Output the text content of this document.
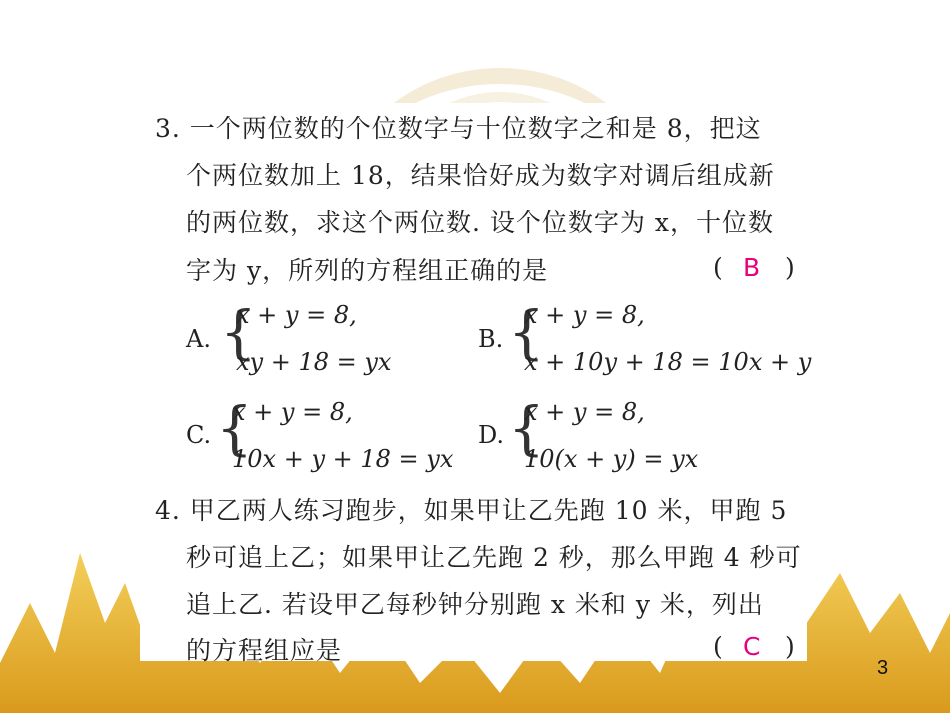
3. 一个两位数的个位数字与十位数字之和是 8，把这
个两位数加上 18，结果恰好成为数字对调后组成新
的两位数，求这个两位数. 设个位数字为 x，十位数
字为 y，所列的方程组正确的是	( B )
A. {
x + y = 8,
xy + 18 = yx
B. {
x + y = 8,
x + 10y + 18 = 10x + y
C. {
x + y = 8,
10x + y + 18 = yx
D. {
x + y = 8,
10(x + y) = yx
4. 甲乙两人练习跑步，如果甲让乙先跑 10 米，甲跑 5
秒可追上乙；如果甲让乙先跑 2 秒，那么甲跑 4 秒可
追上乙. 若设甲乙每秒钟分别跑 x 米和 y 米，列出
的方程组应是	( C )
3
